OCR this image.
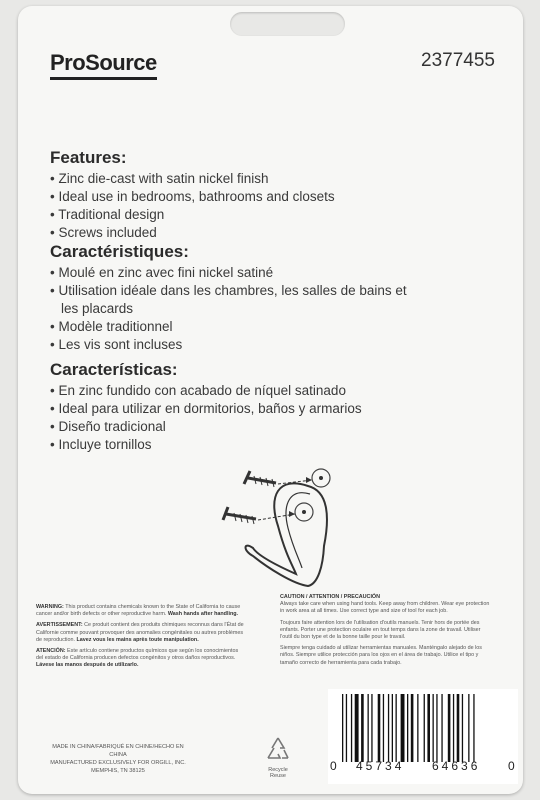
ProSource	2377455
Features:
• Zinc die-cast with satin nickel finish
• Ideal use in bedrooms, bathrooms and closets
• Traditional design
• Screws included
Caractéristiques:
• Moulé en zinc avec fini nickel satiné
• Utilisation idéale dans les chambres, les salles de bains et les placards
• Modèle traditionnel
• Les vis sont incluses
Características:
• En zinc fundido con acabado de níquel satinado
• Ideal para utilizar en dormitorios, baños y armarios
• Diseño tradicional
• Incluye tornillos

WARNING: This product contains chemicals known to the State of California to cause cancer and/or birth defects or other reproductive harm. Wash hands after handling.

AVERTISSEMENT: Ce produit contient des produits chimiques reconnus dans l'État de Californie comme pouvant provoquer des anomalies congénitales ou autres problèmes de reproduction. Lavez vous les mains après toute manipulation.

ATENCIÓN: Este artículo contiene productos químicos que según los conocimientos del estado de California producen defectos congénitos y otros daños reproductivos. Lávese las manos después de utilizarlo.

CAUTION / ATTENTION / PRECAUCIÓN
Always take care when using hand tools. Keep away from children. Wear eye protection in work area at all times. Use correct type and size of tool for each job.

Toujours faire attention lors de l'utilisation d'outils manuels. Tenir hors de portée des enfants. Porter une protection oculaire en tout temps dans la zone de travail. Utiliser l'outil du bon type et de la bonne taille pour le travail.

Siempre tenga cuidado al utilizar herramientas manuales. Manténgalo alejado de los niños. Siempre utilice protección para los ojos en el área de trabajo. Utilice el tipo y tamaño correcto de herramienta para cada trabajo.

MADE IN CHINA/FABRIQUÉ EN CHINE/HECHO EN CHINA
MANUFACTURED EXCLUSIVELY FOR ORGILL, INC.
MEMPHIS, TN 38125	Recycle
Reuse
0 45734 64636 0
